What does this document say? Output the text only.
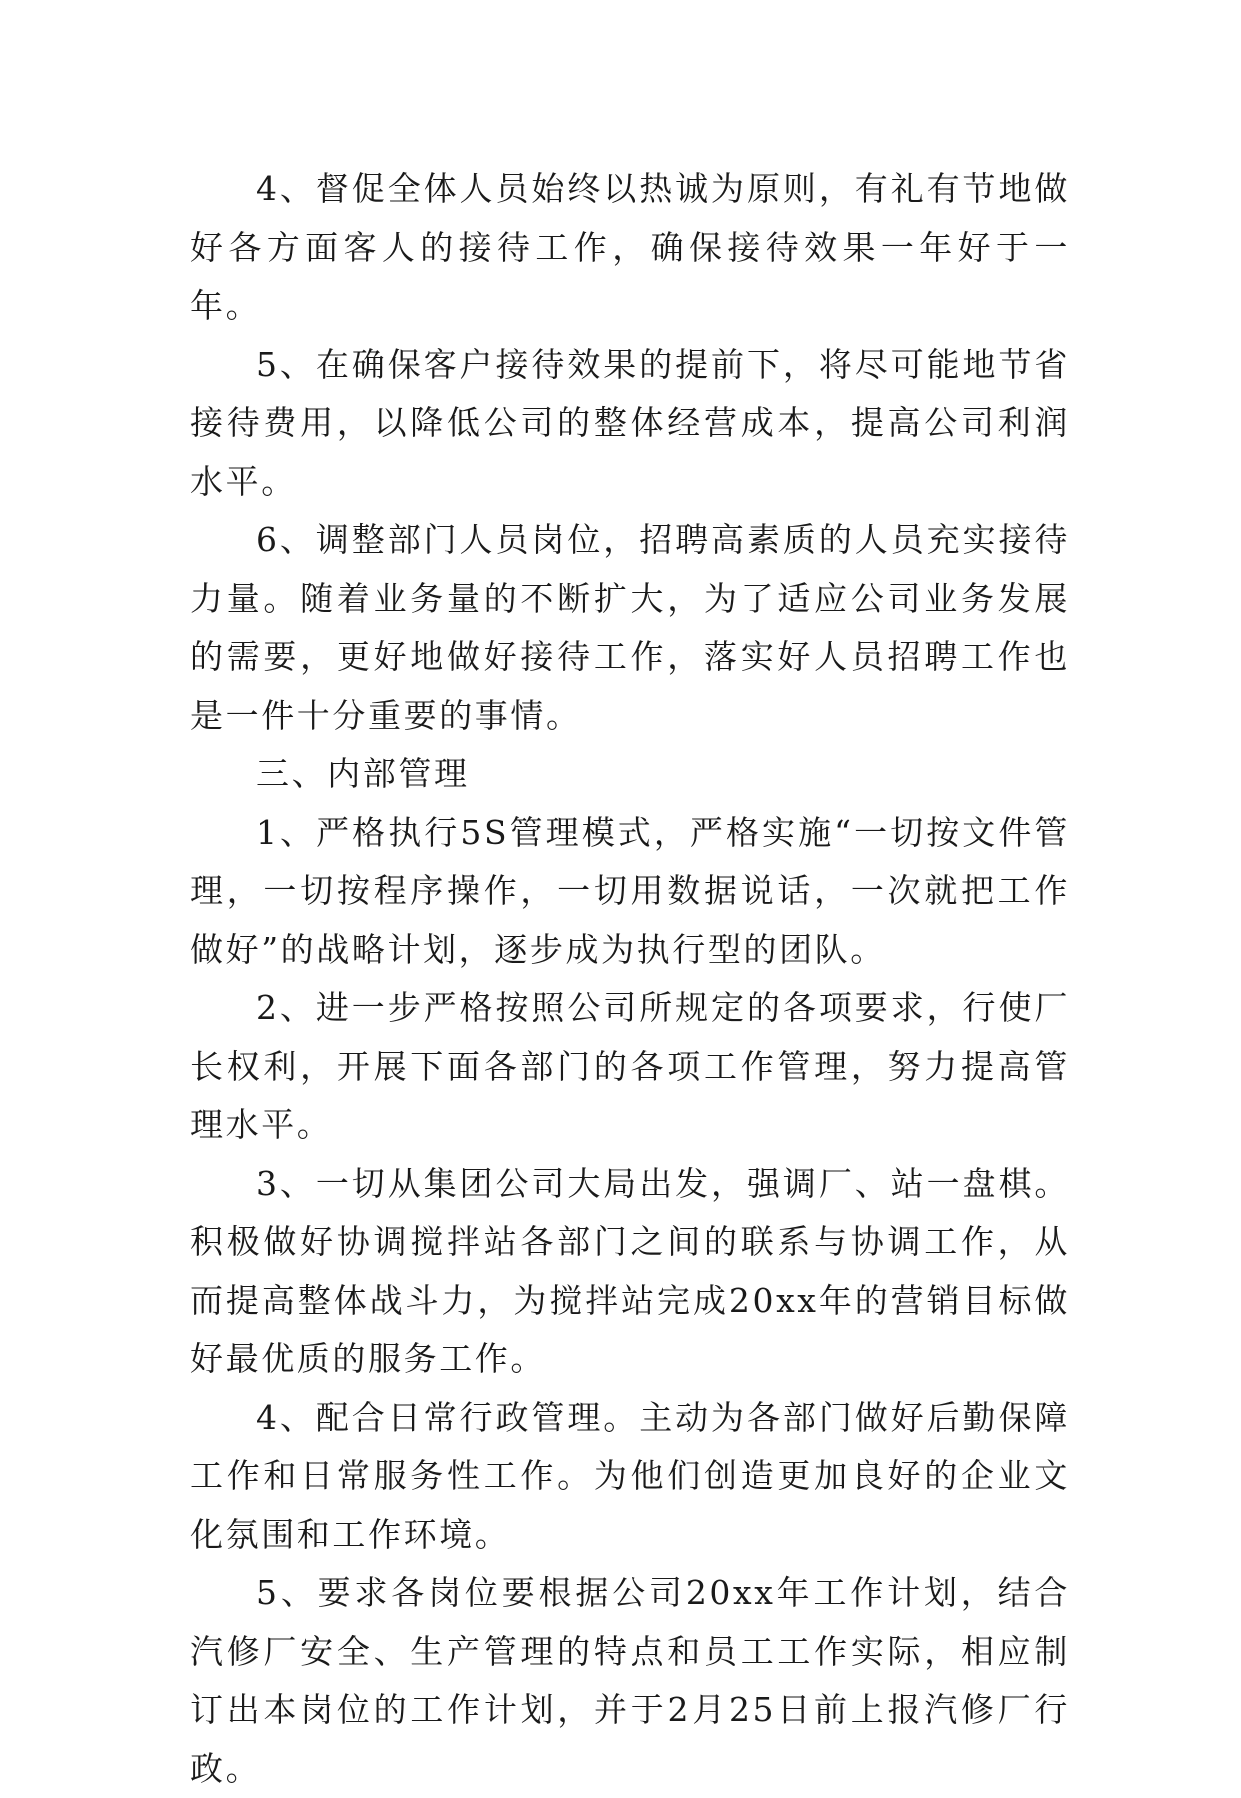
4、督促全体人员始终以热诚为原则，有礼有节地做好各方面客人的接待工作，确保接待效果一年好于一年。

5、在确保客户接待效果的提前下，将尽可能地节省接待费用，以降低公司的整体经营成本，提高公司利润水平。

6、调整部门人员岗位，招聘高素质的人员充实接待力量。随着业务量的不断扩大，为了适应公司业务发展的需要，更好地做好接待工作，落实好人员招聘工作也是一件十分重要的事情。

三、内部管理

1、严格执行5S管理模式，严格实施“一切按文件管理，一切按程序操作，一切用数据说话，一次就把工作做好”的战略计划，逐步成为执行型的团队。

2、进一步严格按照公司所规定的各项要求，行使厂长权利，开展下面各部门的各项工作管理，努力提高管理水平。

3、一切从集团公司大局出发，强调厂、站一盘棋。积极做好协调搅拌站各部门之间的联系与协调工作，从而提高整体战斗力，为搅拌站完成20xx年的营销目标做好最优质的服务工作。

4、配合日常行政管理。主动为各部门做好后勤保障工作和日常服务性工作。为他们创造更加良好的企业文化氛围和工作环境。

5、要求各岗位要根据公司20xx年工作计划，结合汽修厂安全、生产管理的特点和员工工作实际，相应制订出本岗位的工作计划，并于2月25日前上报汽修厂行政。
